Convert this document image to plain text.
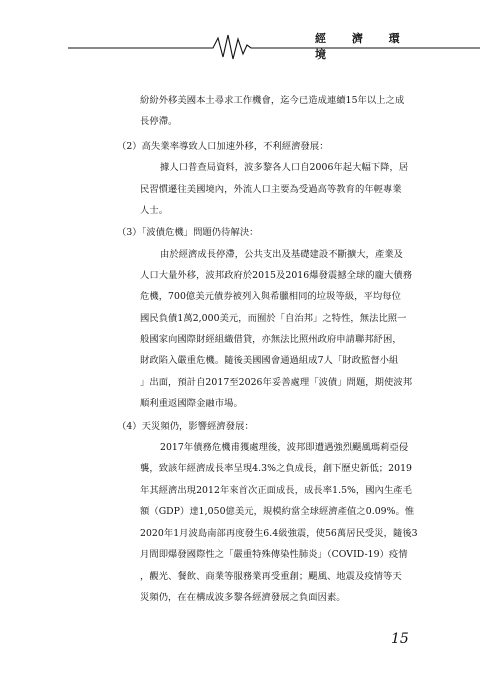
經 濟 環 境
紛紛外移美國本土尋求工作機會，迄今已造成連續15年以上之成
長停滯。
（2）高失業率導致人口加速外移，不利經濟發展：
據人口普查局資料，波多黎各人口自2006年起大幅下降，居
民習慣遷往美國境內，外流人口主要為受過高等教育的年輕專業
人士。
（3）「波債危機」問題仍待解決：
由於經濟成長停滯，公共支出及基礎建設不斷擴大，產業及
人口大量外移，波邦政府於2015及2016爆發震撼全球的龐大債務
危機，700億美元債券被列入與希臘相同的垃圾等級，平均每位
國民負債1萬2,000美元，而囿於「自治邦」之特性，無法比照一
般國家向國際財經組織借貸，亦無法比照州政府申請聯邦紓困，
財政陷入嚴重危機。隨後美國國會通過組成7人「財政監督小組
」出面，預計自2017至2026年妥善處理「波債」問題，期使波邦
順利重返國際金融市場。
（4）天災頻仍，影響經濟發展：
2017年債務危機甫獲處理後，波邦即遭遇強烈颶風瑪莉亞侵
襲，致該年經濟成長率呈現4.3%之負成長，創下歷史新低；2019
年其經濟出現2012年來首次正面成長，成長率1.5%，國內生產毛
額（GDP）達1,050億美元，規模約當全球經濟產值之0.09%。惟
2020年1月波島南部再度發生6.4級強震，使56萬居民受災，隨後3
月間即爆發國際性之「嚴重特殊傳染性肺炎」（COVID-19）疫情
，觀光、餐飲、商業等服務業再受重創；颶風、地震及疫情等天
災頻仍，在在構成波多黎各經濟發展之負面因素。
15
